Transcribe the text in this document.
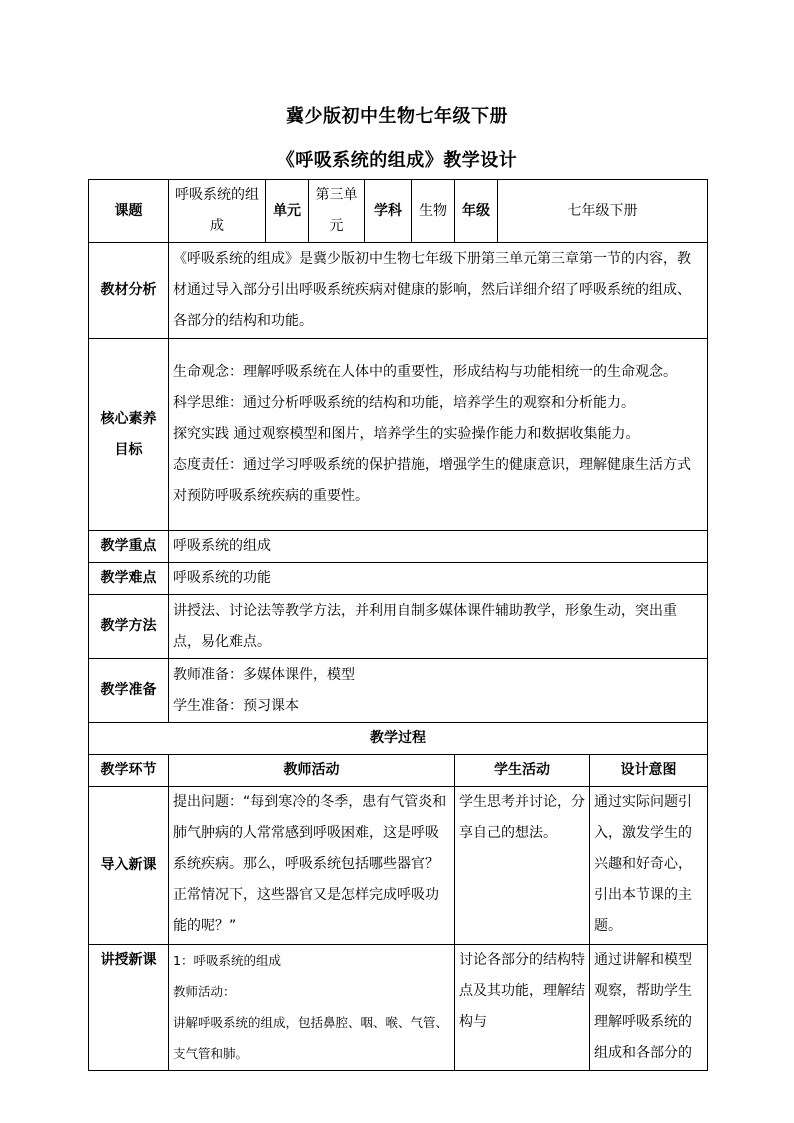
冀少版初中生物七年级下册
《呼吸系统的组成》教学设计
课题	呼吸系统的组成	单元	第三单元	学科	生物	年级	七年级下册	
教材分析	《呼吸系统的组成》是冀少版初中生物七年级下册第三单元第三章第一节的内容，教材通过导入部分引出呼吸系统疾病对健康的影响，然后详细介绍了呼吸系统的组成、各部分的结构和功能。							

核心素养
目标	生命观念：理解呼吸系统在人体中的重要性，形成结构与功能相统一的生命观念。
科学思维：通过分析呼吸系统的结构和功能，培养学生的观察和分析能力。
探究实践 通过观察模型和图片，培养学生的实验操作能力和数据收集能力。
态度责任：通过学习呼吸系统的保护措施，增强学生的健康意识，理解健康生活方式对预防呼吸系统疾病的重要性。							

教学重点	呼吸系统的组成							
教学难点	呼吸系统的功能							
教学方法	讲授法、讨论法等教学方法，并利用自制多媒体课件辅助教学，形象生动，突出重点，易化难点。							
教学准备	教师准备：多媒体课件，模型
学生准备：预习课本							

教学过程								
教学环节	教师活动					学生活动		设计意图
导入新课	提出问题：“每到寒冷的冬季，患有气管炎和肺气肿病的人常常感到呼吸困难，这是呼吸系统疾病。那么，呼吸系统包括哪些器官？正常情况下，这些器官又是怎样完成呼吸功能的呢？”					学生思考并讨论，分享自己的想法。		通过实际问题引入，激发学生的兴趣和好奇心，引出本节课的主题。
讲授新课	1：呼吸系统的组成
教师活动：
讲解呼吸系统的组成，包括鼻腔、咽、喉、气管、支气管和肺。					讨论各部分的结构特点及其功能，理解结构与		通过讲解和模型观察，帮助学生理解呼吸系统的组成和各部分的
